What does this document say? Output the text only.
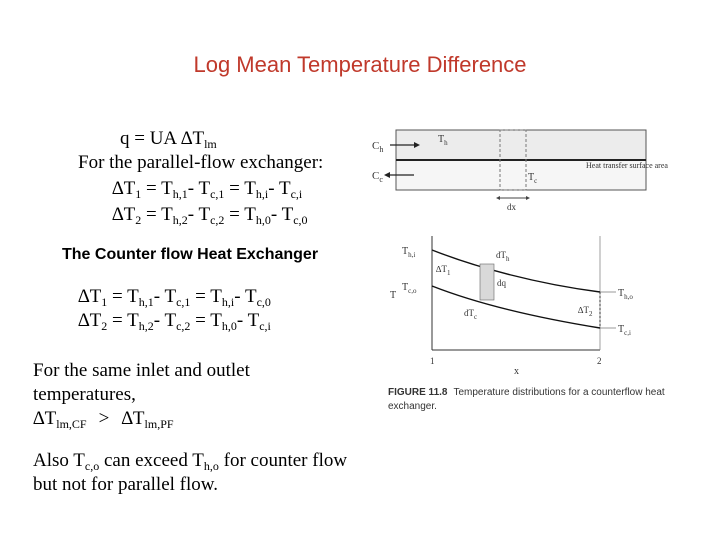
Log Mean Temperature Difference
q = UA $\Delta T_{lm}$
For the parallel-flow exchanger:
$\Delta T_1 = T_{h,1}-$ $T_{c,1} = T_{h,i}-$ $T_{c,i}$
$\Delta T_2 = T_{h,2}-$ $T_{c,2} = T_{h,0}-$ $T_{c,0}$
The Counter flow Heat Exchanger
$\Delta T_1 = T_{h,1}-$ $T_{c,1} = T_{h,i}-$ $T_{c,0}$
$\Delta T_2 = T_{h,2}-$ $T_{c,2} = T_{h,0}-$ $T_{c,i}$
For the same inlet and outlet
temperatures,
$\Delta T_{lm,CF} > \Delta T_{lm,PF}$
Also $T_{c,o}$ can exceed $T_{h,o}$ for counter flow
but not for parallel flow.
$C_h$
$C_c$
$T_h$
$T_c$
Heat transfer surface area
dx
$T_{h,i}$
$T_{c,o}$	$T_{h,o}$
$T_{c,i}$
$\Delta T_1$
$\Delta T_2$
dq
$dT_h$
$dT_c$
T
x
1	2
FIGURE 11.8 Temperature distributions for a counterflow heat exchanger.
